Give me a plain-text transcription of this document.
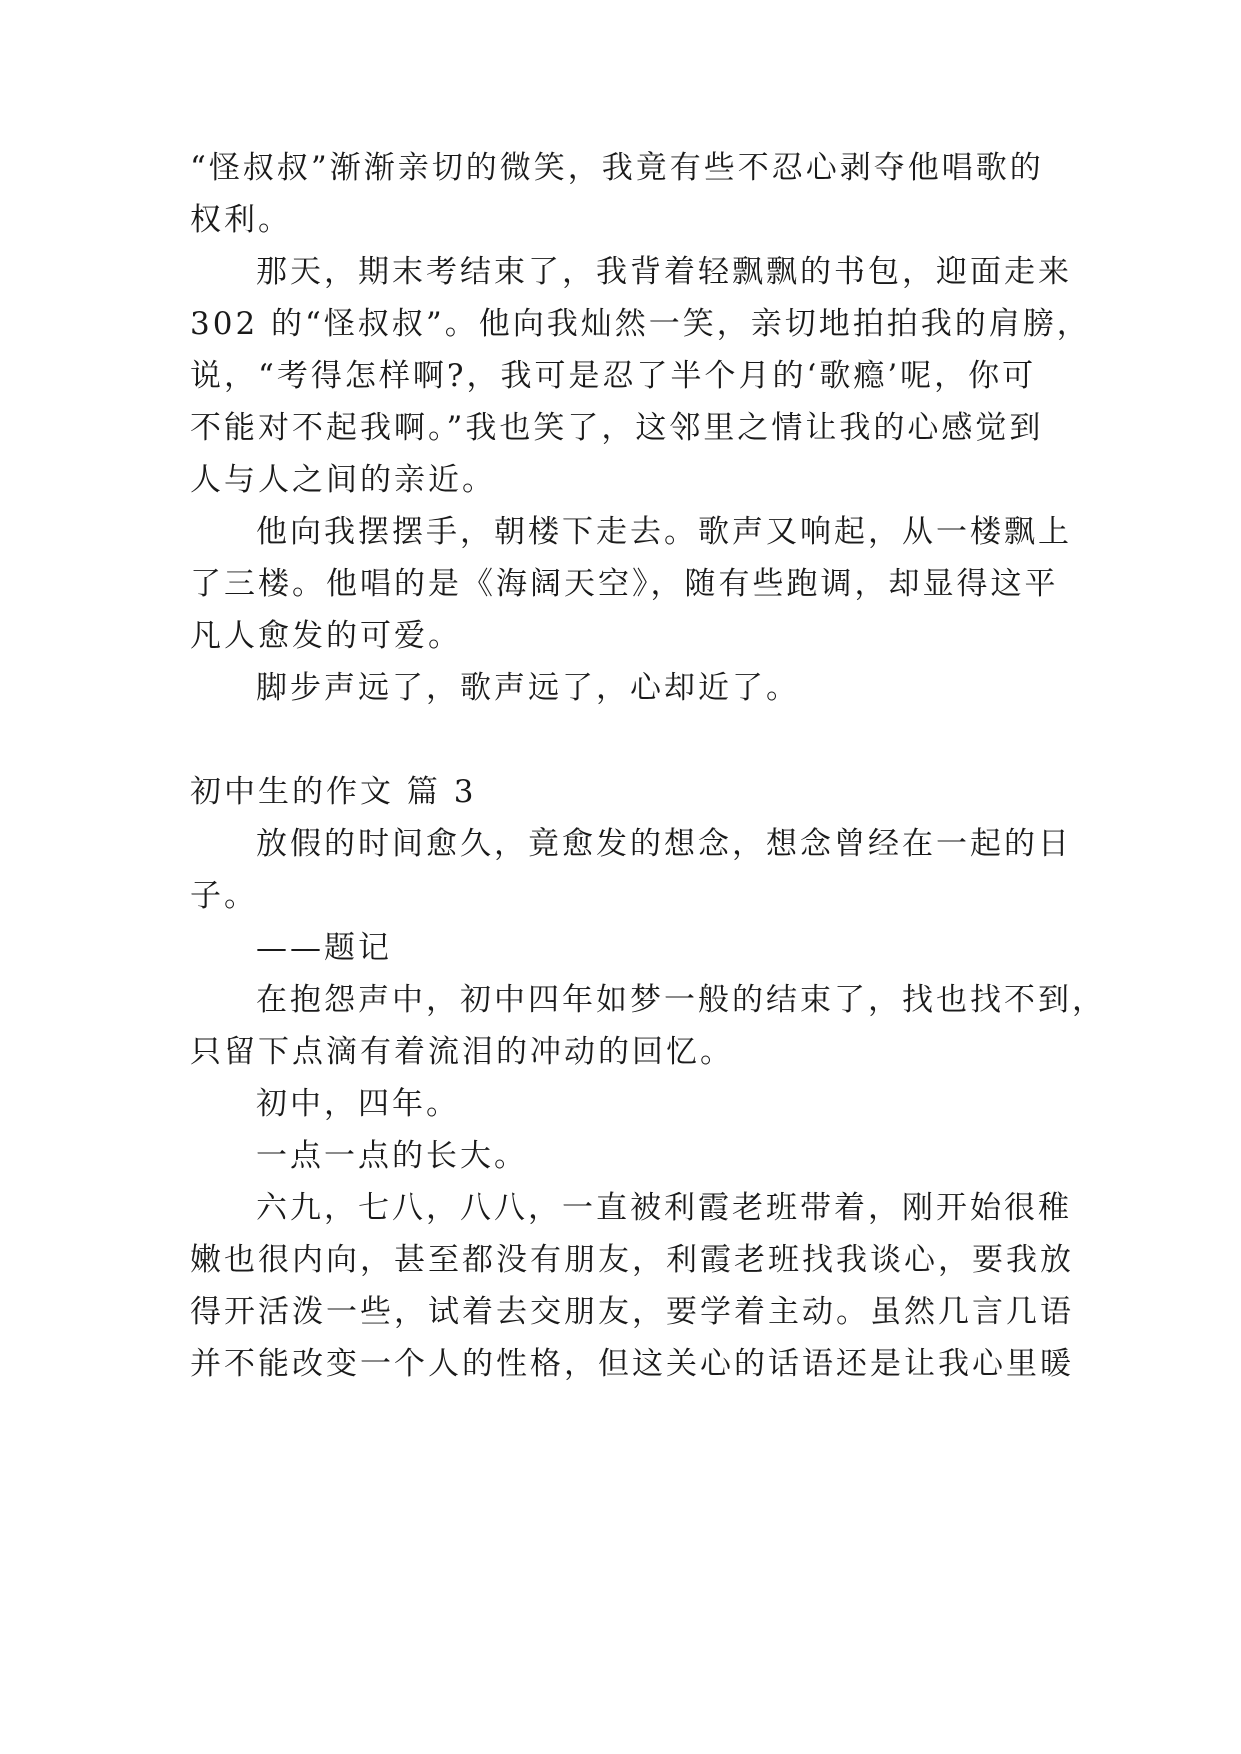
“怪叔叔”渐渐亲切的微笑，我竟有些不忍心剥夺他唱歌的
权利。
那天，期末考结束了，我背着轻飘飘的书包，迎面走来
302 的“怪叔叔”。他向我灿然一笑，亲切地拍拍我的肩膀，
说，“考得怎样啊?，我可是忍了半个月的‘歌瘾’呢，你可
不能对不起我啊。”我也笑了，这邻里之情让我的心感觉到
人与人之间的亲近。
他向我摆摆手，朝楼下走去。歌声又响起，从一楼飘上
了三楼。他唱的是《海阔天空》，随有些跑调，却显得这平
凡人愈发的可爱。
脚步声远了，歌声远了，心却近了。
初中生的作文 篇 3
放假的时间愈久，竟愈发的想念，想念曾经在一起的日
子。
——题记
在抱怨声中，初中四年如梦一般的结束了，找也找不到，
只留下点滴有着流泪的冲动的回忆。
初中，四年。
一点一点的长大。
六九，七八，八八，一直被利霞老班带着，刚开始很稚
嫩也很内向，甚至都没有朋友，利霞老班找我谈心，要我放
得开活泼一些，试着去交朋友，要学着主动。虽然几言几语
并不能改变一个人的性格，但这关心的话语还是让我心里暖
